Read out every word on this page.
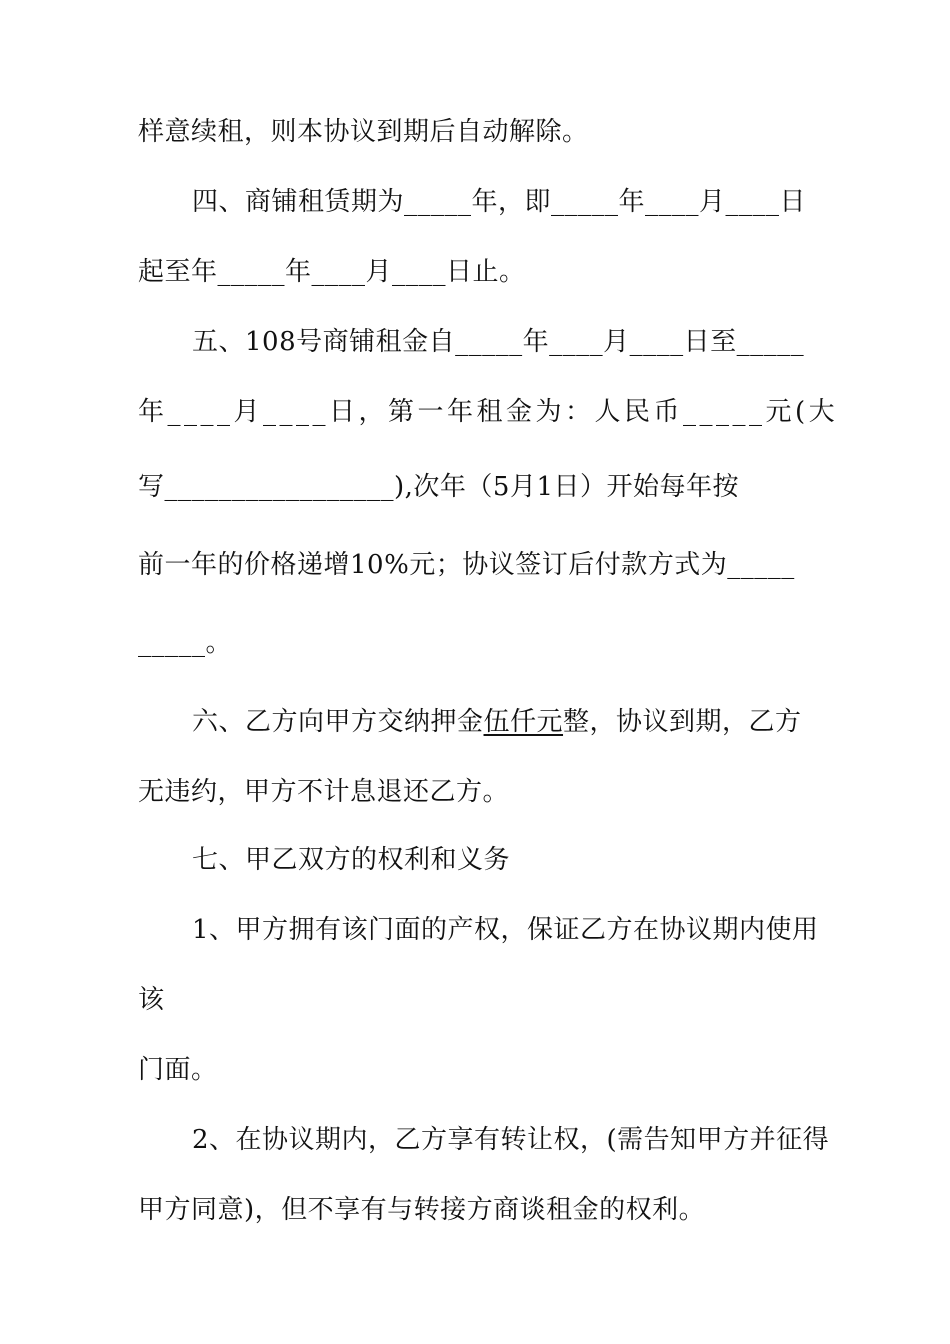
样意续租，则本协议到期后自动解除。
四、商铺租赁期为_____年，即_____年____月____日
起至年_____年____月____日止。
五、108号商铺租金自_____年____月____日至_____
年____月____日，第一年租金为：人民币_____元(大
写_________________),次年（5月1日）开始每年按
前一年的价格递增10%元；协议签订后付款方式为_____
_____。
六、乙方向甲方交纳押金伍仟元整，协议到期，乙方
无违约，甲方不计息退还乙方。
七、甲乙双方的权利和义务
1、甲方拥有该门面的产权，保证乙方在协议期内使用
该
门面。
2、在协议期内，乙方享有转让权，(需告知甲方并征得
甲方同意)，但不享有与转接方商谈租金的权利。
